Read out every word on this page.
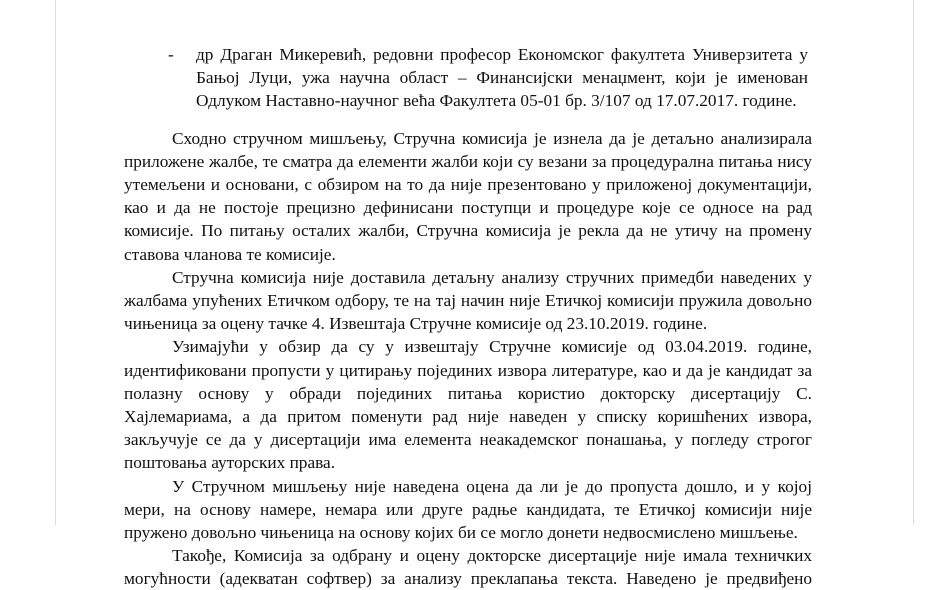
- др Драган Микеревић, редовни професор Економског факултета Универзитета у
Бањој Луци, ужа научна област – Финансијски менаџмент, који је именован
Одлуком Наставно-научног већа Факултета 05-01 бр. 3/107 од 17.07.2017. године.
Сходно стручном мишљењу, Стручна комисија је изнела да је детаљно анализирала
приложене жалбе, те сматра да елементи жалби који су везани за процедурална питања нису
утемељени и основани, с обзиром на то да није презентовано у приложеној документацији,
као и да не постоје прецизно дефинисани поступци и процедуре које се односе на рад
комисије. По питању осталих жалби, Стручна комисија је рекла да не утичу на промену
ставова чланова те комисије.
Стручна комисија није доставила детаљну анализу стручних примедби наведених у
жалбама упућених Етичком одбору, те на тај начин није Етичкој комисији пружила довољно
чињеница за оцену тачке 4. Извештаја Стручне комисије од 23.10.2019. године.
Узимајући у обзир да су у извештају Стручне комисије од 03.04.2019. године,
идентификовани пропусти у цитирању појединих извора литературе, као и да је кандидат за
полазну основу у обради појединих питања користио докторску дисертацију С.
Хајлемариама, а да притом поменути рад није наведен у списку коришћених извора,
закључује се да у дисертацији има елемента неакадемског понашања, у погледу строгог
поштовања ауторских права.
У Стручном мишљењу није наведена оцена да ли је до пропуста дошло, и у којој
мери, на основу намере, немара или друге радње кандидата, те Етичкој комисији није
пружено довољно чињеница на основу којих би се могло донети недвосмислено мишљење.
Такође, Комисија за одбрану и оцену докторске дисертације није имала техничких
могућности (адекватан софтвер) за анализу преклапања текста. Наведено је предвиђено
